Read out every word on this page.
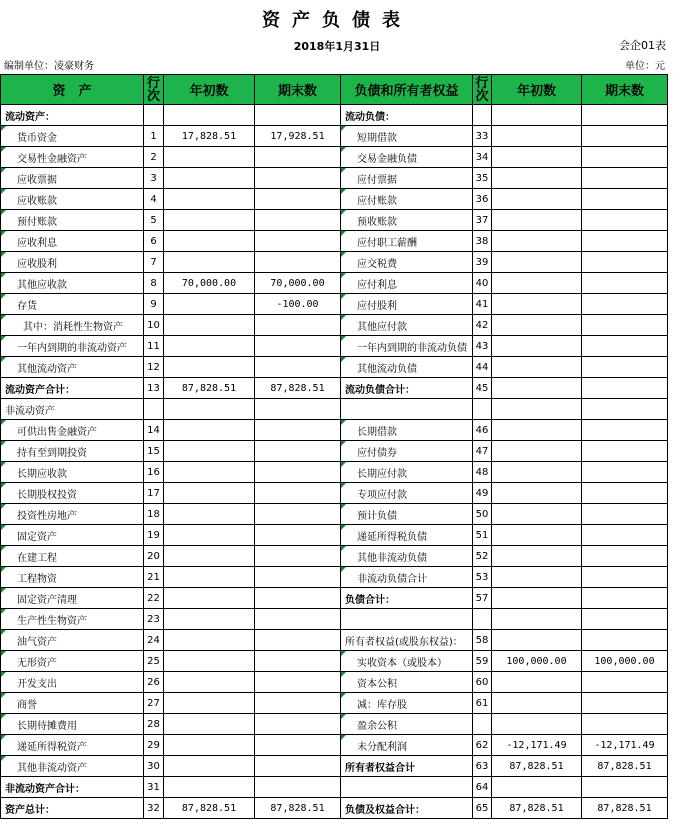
资产负债表
2018年1月31日	会企01表
编制单位：凌豪财务	单位：元
资　产	行次	年初数	期末数	负债和所有者权益	行次	年初数	期末数
流动资产：				流动负债：			
货币资金	1	17,828.51	17,928.51	短期借款	33		
交易性金融资产	2			交易金融负债	34		
应收票据	3			应付票据	35		
应收账款	4			应付账款	36		
预付账款	5			预收账款	37		
应收利息	6			应付职工薪酬	38		
应收股利	7			应交税费	39		
其他应收款	8	70,000.00	70,000.00	应付利息	40		
存货	9		-100.00	应付股利	41		
其中：消耗性生物资产	10			其他应付款	42		
一年内到期的非流动资产	11			一年内到期的非流动负债	43		
其他流动资产	12			其他流动负债	44		
流动资产合计：	13	87,828.51	87,828.51	流动负债合计：	45		
非流动资产							
可供出售金融资产	14			长期借款	46		
持有至到期投资	15			应付债券	47		
长期应收款	16			长期应付款	48		
长期股权投资	17			专项应付款	49		
投资性房地产	18			预计负债	50		
固定资产	19			递延所得税负债	51		
在建工程	20			其他非流动负债	52		
工程物资	21			非流动负债合计	53		
固定资产清理	22			负债合计：	57		
生产性生物资产	23						
油气资产	24			所有者权益(或股东权益)：	58		
无形资产	25			实收资本（或股本）	59	100,000.00	100,000.00
开发支出	26			资本公积	60		
商誉	27			减：库存股	61		
长期待摊费用	28			盈余公积			
递延所得税资产	29			未分配利润	62	-12,171.49	-12,171.49
其他非流动资产	30			所有者权益合计	63	87,828.51	87,828.51
非流动资产合计：	31				64		
资产总计：	32	87,828.51	87,828.51	负债及权益合计：	65	87,828.51	87,828.51
